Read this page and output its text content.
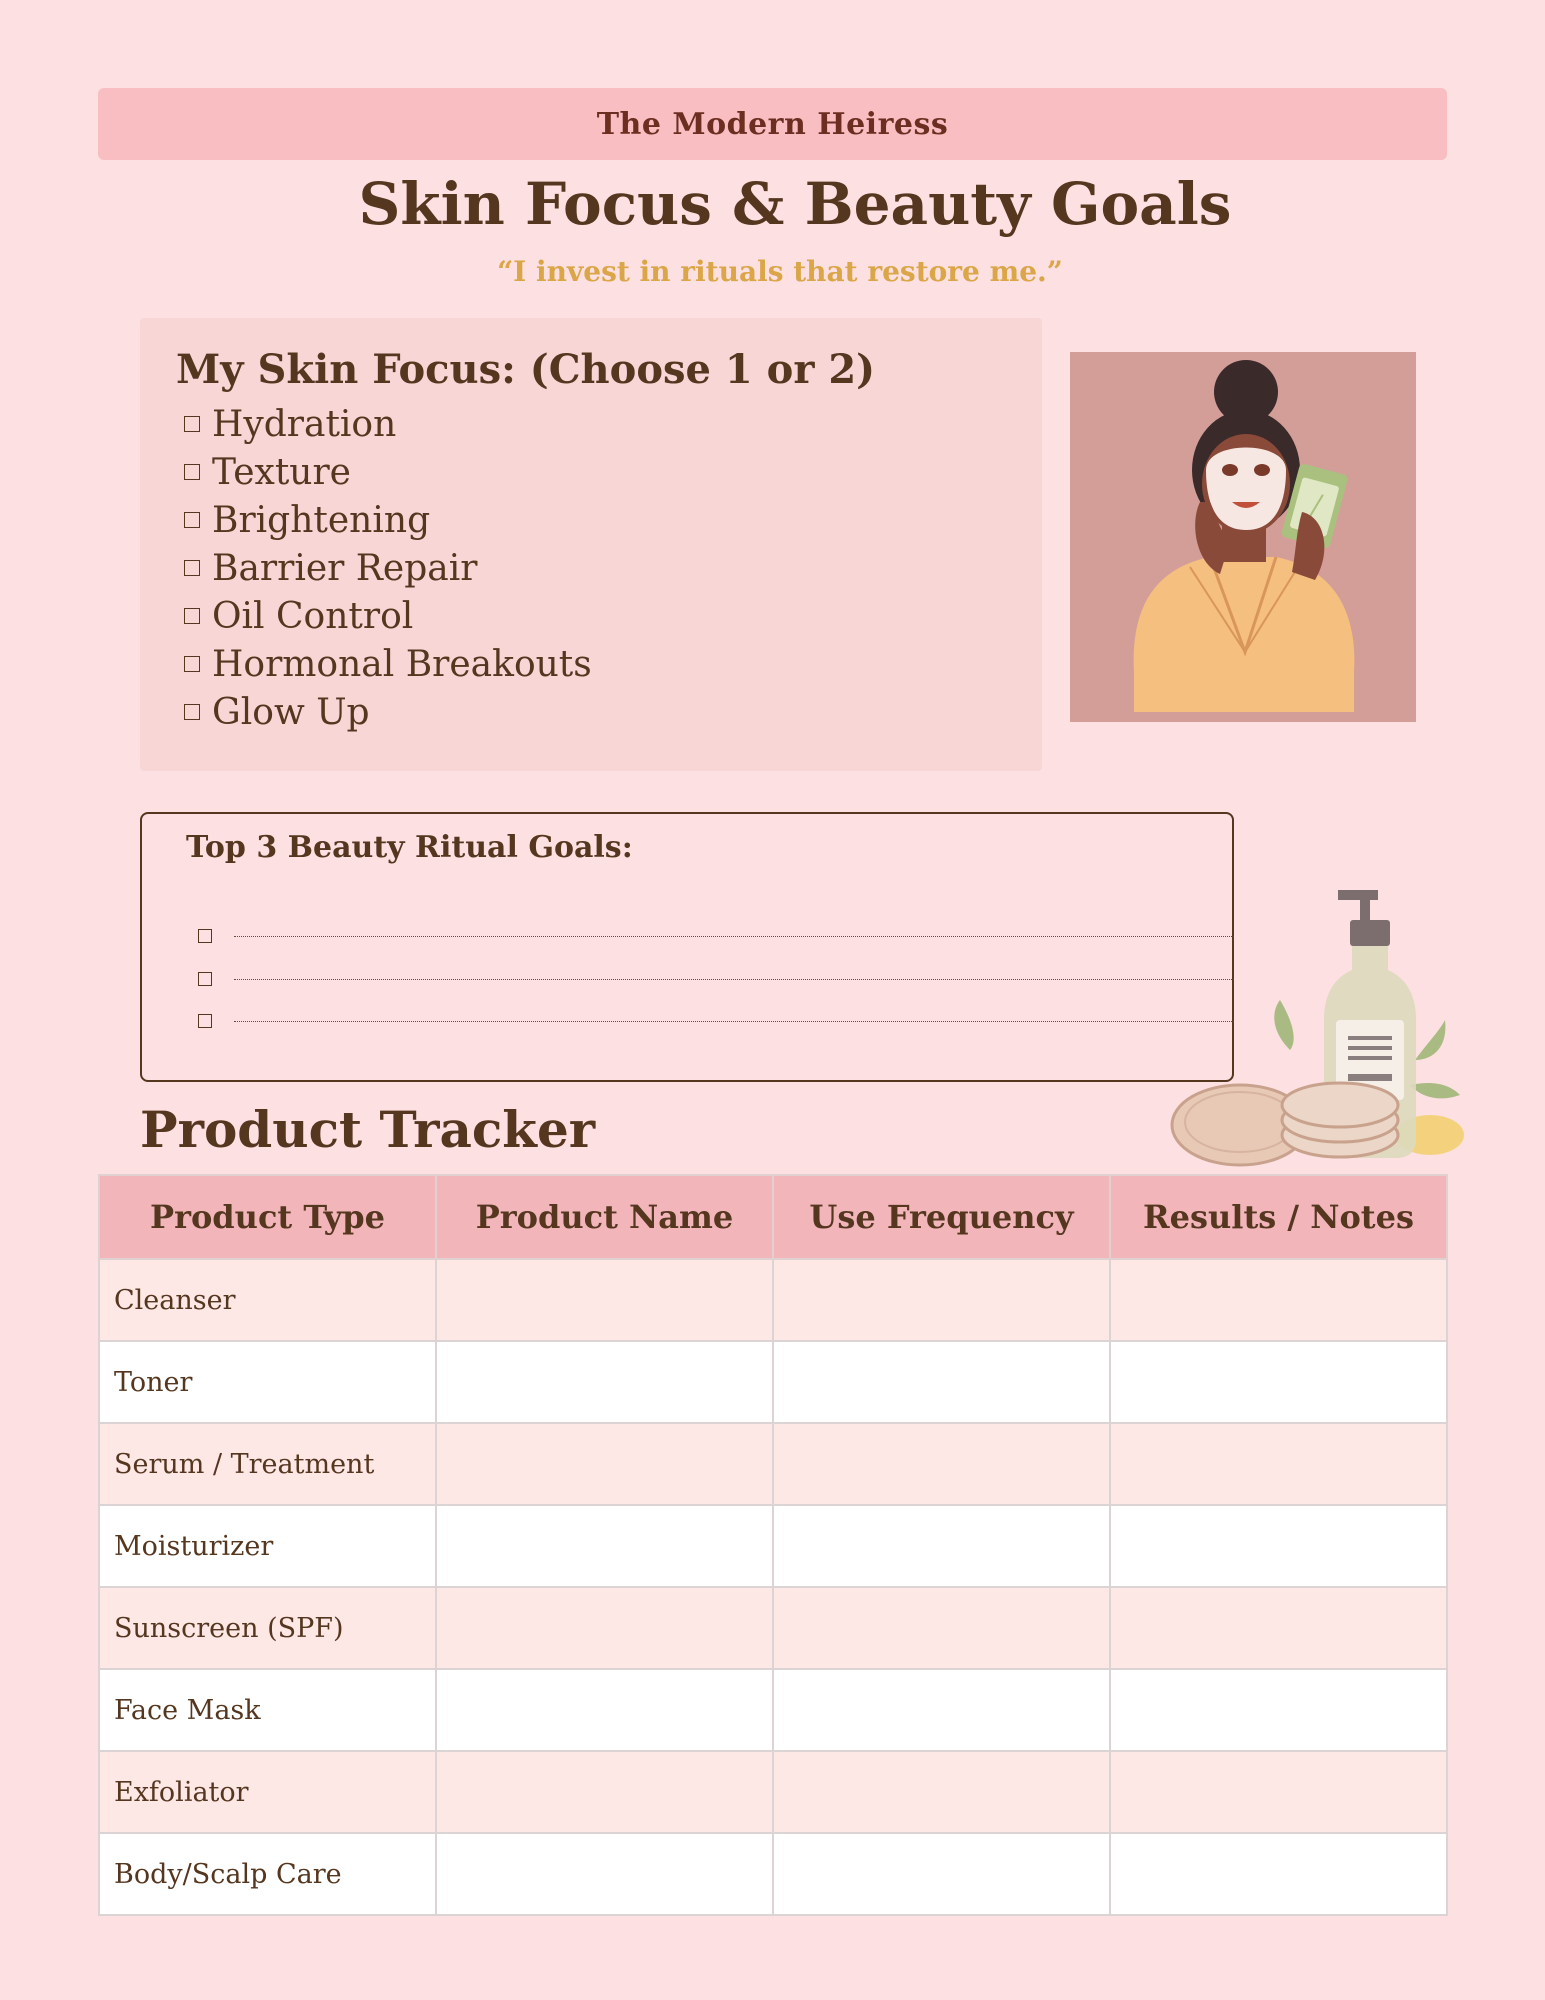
The Modern Heiress
Skin Focus & Beauty Goals
“I invest in rituals that restore me.”
My Skin Focus: (Choose 1 or 2)
Hydration
Texture
Brightening
Barrier Repair
Oil Control
Hormonal Breakouts
Glow Up
Top 3 Beauty Ritual Goals:
Product Tracker
Product Type	Product Name	Use Frequency	Results / Notes
Cleanser			
Toner			
Serum / Treatment			
Moisturizer			
Sunscreen (SPF)			
Face Mask			
Exfoliator			
Body/Scalp Care			
